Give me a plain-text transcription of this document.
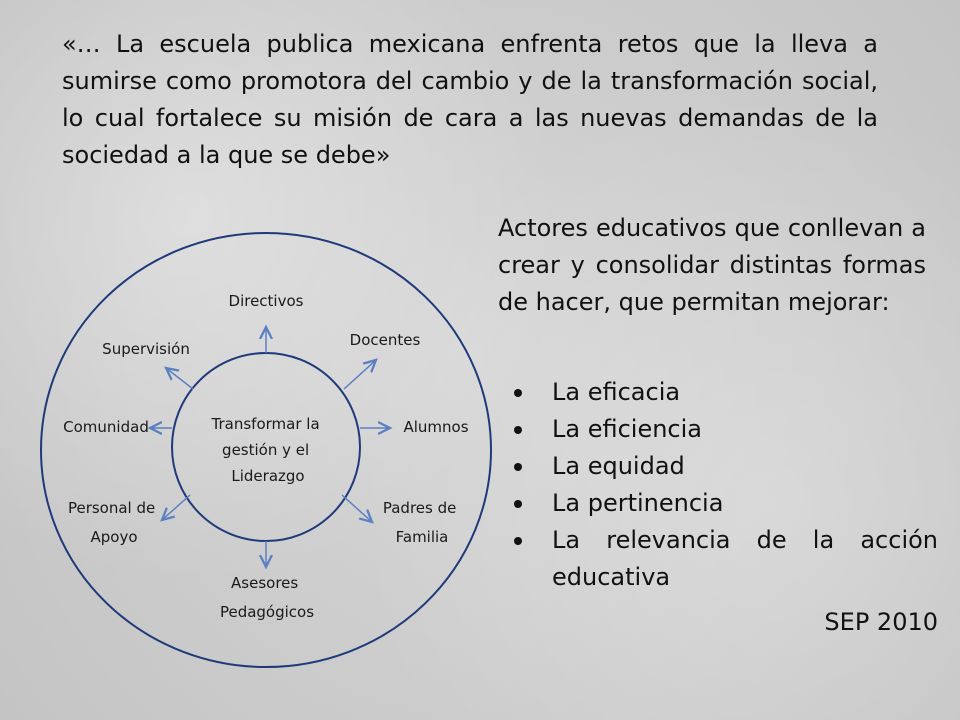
«… La escuela publica mexicana enfrenta retos que la lleva a sumirse como promotora del cambio y de la transformación social, lo cual fortalece su misión de cara a las nuevas demandas de la sociedad a la que se debe»
Transformar la gestión y el Liderazgo
Directivos
Docentes
Alumnos
Padres de Familia
Asesores Pedagógicos
Personal de Apoyo
Comunidad
Supervisión
Actores educativos que conllevan a crear y consolidar distintas formas de hacer, que permitan mejorar:
La eficacia
La eficiencia
La equidad
La pertinencia
La relevancia de la acción educativa
SEP 2010
